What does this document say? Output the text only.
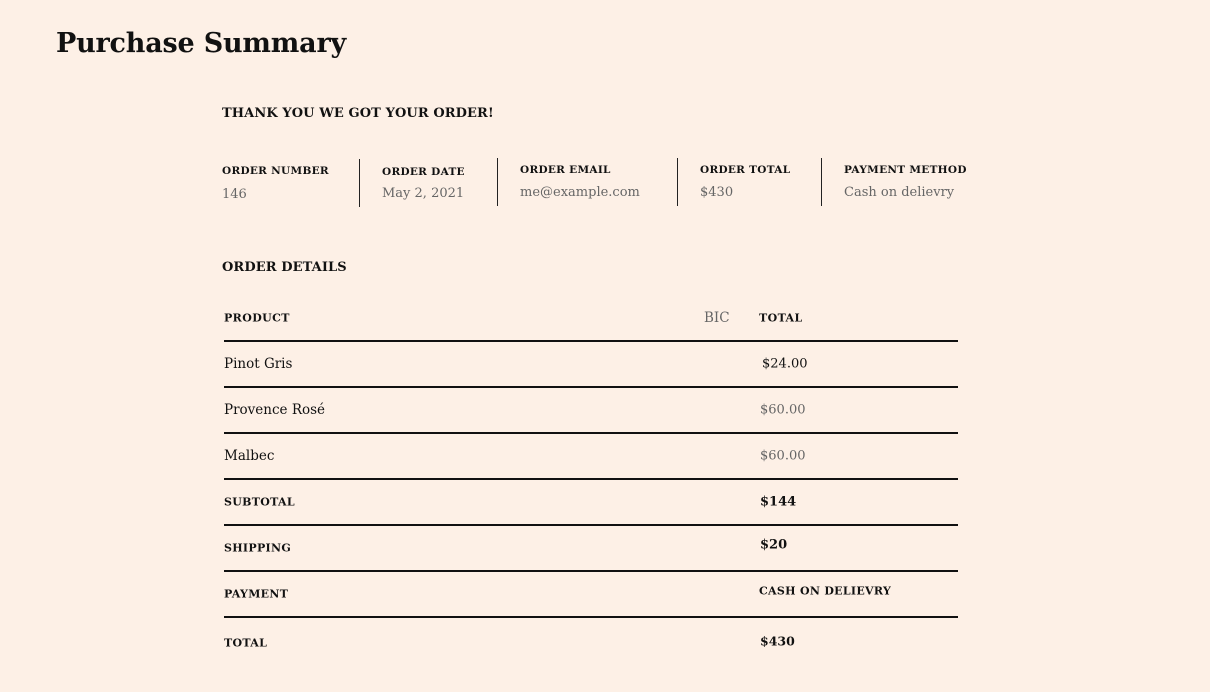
Purchase Summary
THANK YOU WE GOT YOUR ORDER!
ORDER NUMBER
146
ORDER DATE
May 2, 2021
ORDER EMAIL
me@example.com
ORDER TOTAL
$430
PAYMENT METHOD
Cash on delievry
ORDER DETAILS
PRODUCT	BIC	TOTAL
Pinot Gris	$24.00
Provence Rosé	$60.00
Malbec	$60.00
SUBTOTAL	$144
SHIPPING	$20
PAYMENT	CASH ON DELIEVRY
TOTAL	$430
